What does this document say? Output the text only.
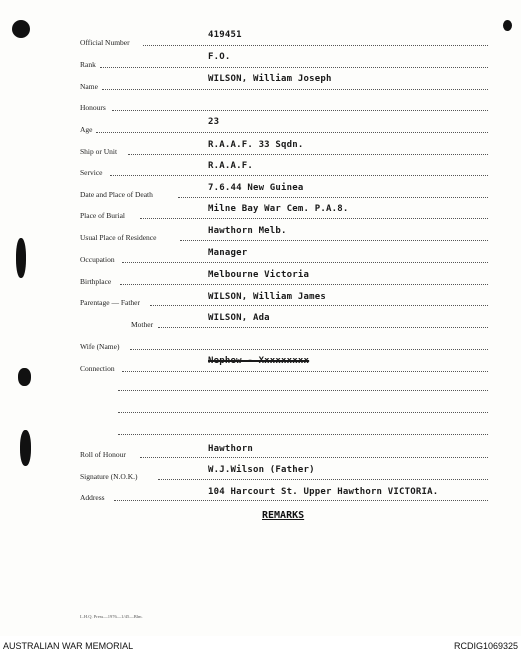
Official Number
419451
Rank
F.O.
Name
WILSON, William Joseph
Honours
Age
23
Ship or Unit
R.A.A.F. 33 Sqdn.
Service
R.A.A.F.
Date and Place of Death
7.6.44 New Guinea
Place of Burial
Milne Bay War Cem. P.A.8.
Usual Place of Residence
Hawthorn Melb.
Occupation
Manager
Birthplace
Melbourne Victoria
Parentage — Father
WILSON, William James
Mother
WILSON, Ada
Wife (Name)
Connection
Nephew - Xxxxxxxxx
Roll of Honour
Hawthorn
Signature (N.O.K.)
W.J.Wilson (Father)
Address
104 Harcourt St. Upper Hawthorn VICTORIA.
REMARKS
L.H.Q. Press—1976—1/45—Blm.
AUSTRALIAN WAR MEMORIAL	RCDIG1069325
